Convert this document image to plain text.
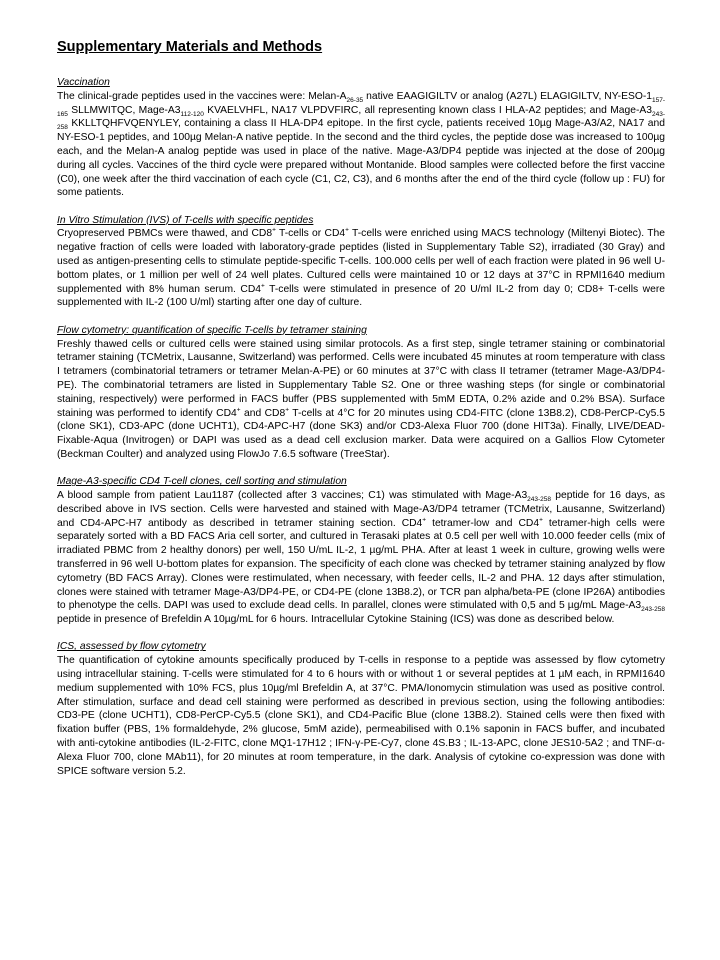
Supplementary Materials and Methods

Vaccination

The clinical-grade peptides used in the vaccines were: Melan-$A_{26-35}$ native EAAGIGILTV or analog (A27L) ELAGIGILTV, $NY-ESO-1_{157-165}$ SLLMWITQC, Mage-$A3_{112-120}$ KVAELVHFL, NA17 VLPDVFIRC, all representing known class I HLA-A2 peptides; and Mage-$A3_{243-258}$ KKLLTQHFVQENYLEY, containing a class II HLA-DP4 epitope. In the first cycle, patients received 10µg Mage-A3/A2, NA17 and NY-ESO-1 peptides, and 100µg Melan-A native peptide. In the second and the third cycles, the peptide dose was increased to 100µg each, and the Melan-A analog peptide was used in place of the native. Mage-A3/DP4 peptide was injected at the dose of 200µg during all cycles. Vaccines of the third cycle were prepared without Montanide. Blood samples were collected before the first vaccine (C0), one week after the third vaccination of each cycle (C1, C2, C3), and 6 months after the end of the third cycle (follow up : FU) for some patients.

In Vitro Stimulation (IVS) of T-cells with specific peptides

Cryopreserved PBMCs were thawed, and CD8+ T-cells or CD4+ T-cells were enriched using MACS technology (Miltenyi Biotec). The negative fraction of cells were loaded with laboratory-grade peptides (listed in Supplementary Table S2), irradiated (30 Gray) and used as antigen-presenting cells to stimulate peptide-specific T-cells. 100.000 cells per well of each fraction were plated in 96 well U-bottom plates, or 1 million per well of 24 well plates. Cultured cells were maintained 10 or 12 days at 37°C in RPMI1640 medium supplemented with 8% human serum. CD4+ T-cells were stimulated in presence of 20 U/ml IL-2 from day 0; CD8+ T-cells were supplemented with IL-2 (100 U/ml) starting after one day of culture.

Flow cytometry: quantification of specific T-cells by tetramer staining

Freshly thawed cells or cultured cells were stained using similar protocols. As a first step, single tetramer staining or combinatorial tetramer staining (TCMetrix, Lausanne, Switzerland) was performed. Cells were incubated 45 minutes at room temperature with class I tetramers (combinatorial tetramers or tetramer Melan-A-PE) or 60 minutes at 37°C with class II tetramer (tetramer Mage-A3/DP4-PE). The combinatorial tetramers are listed in Supplementary Table S2. One or three washing steps (for single or combinatorial staining, respectively) were performed in FACS buffer (PBS supplemented with 5mM EDTA, 0.2% azide and 0.2% BSA). Surface staining was performed to identify CD4+ and CD8+ T-cells at 4°C for 20 minutes using CD4-FITC (clone 13B8.2), CD8-PerCP-Cy5.5 (clone SK1), CD3-APC (done UCHT1), CD4-APC-H7 (done SK3) and/or CD3-Alexa Fluor 700 (done HIT3a). Finally, LIVE/DEAD-Fixable-Aqua (Invitrogen) or DAPI was used as a dead cell exclusion marker. Data were acquired on a Gallios Flow Cytometer (Beckman Coulter) and analyzed using FlowJo 7.6.5 software (TreeStar).

Mage-A3-specific CD4 T-cell clones, cell sorting and stimulation

A blood sample from patient Lau1187 (collected after 3 vaccines; C1) was stimulated with Mage-$A3_{243-258}$ peptide for 16 days, as described above in IVS section. Cells were harvested and stained with Mage-A3/DP4 tetramer (TCMetrix, Lausanne, Switzerland) and CD4-APC-H7 antibody as described in tetramer staining section. CD4+ tetramer-low and CD4+ tetramer-high cells were separately sorted with a BD FACS Aria cell sorter, and cultured in Terasaki plates at 0.5 cell per well with 10.000 feeder cells (mix of irradiated PBMC from 2 healthy donors) per well, 150 U/mL IL-2, 1 µg/mL PHA. After at least 1 week in culture, growing wells were transferred in 96 well U-bottom plates for expansion. The specificity of each clone was checked by tetramer staining analyzed by flow cytometry (BD FACS Array). Clones were restimulated, when necessary, with feeder cells, IL-2 and PHA. 12 days after stimulation, clones were stained with tetramer Mage-A3/DP4-PE, or CD4-PE (clone 13B8.2), or TCR pan alpha/beta-PE (clone IP26A) antibodies to phenotype the cells. DAPI was used to exclude dead cells. In parallel, clones were stimulated with 0,5 and 5 µg/mL Mage-$A3_{243-258}$ peptide in presence of Brefeldin A 10µg/mL for 6 hours. Intracellular Cytokine Staining (ICS) was done as described below.

ICS, assessed by flow cytometry

The quantification of cytokine amounts specifically produced by T-cells in response to a peptide was assessed by flow cytometry using intracellular staining. T-cells were stimulated for 4 to 6 hours with or without 1 or several peptides at 1 µM each, in RPMI1640 medium supplemented with 10% FCS, plus 10µg/ml Brefeldin A, at 37°C. PMA/Ionomycin stimulation was used as positive control. After stimulation, surface and dead cell staining were performed as described in previous section, using the following antibodies: CD3-PE (clone UCHT1), CD8-PerCP-Cy5.5 (clone SK1), and CD4-Pacific Blue (clone 13B8.2). Stained cells were then fixed with fixation buffer (PBS, 1% formaldehyde, 2% glucose, 5mM azide), permeabilised with 0.1% saponin in FACS buffer, and incubated with anti-cytokine antibodies (IL-2-FITC, clone MQ1-17H12 ; IFN-γ-PE-Cy7, clone 4S.B3 ; IL-13-APC, clone JES10-5A2 ; and TNF-α-Alexa Fluor 700, clone MAb11), for 20 minutes at room temperature, in the dark. Analysis of cytokine co-expression was done with SPICE software version 5.2.
